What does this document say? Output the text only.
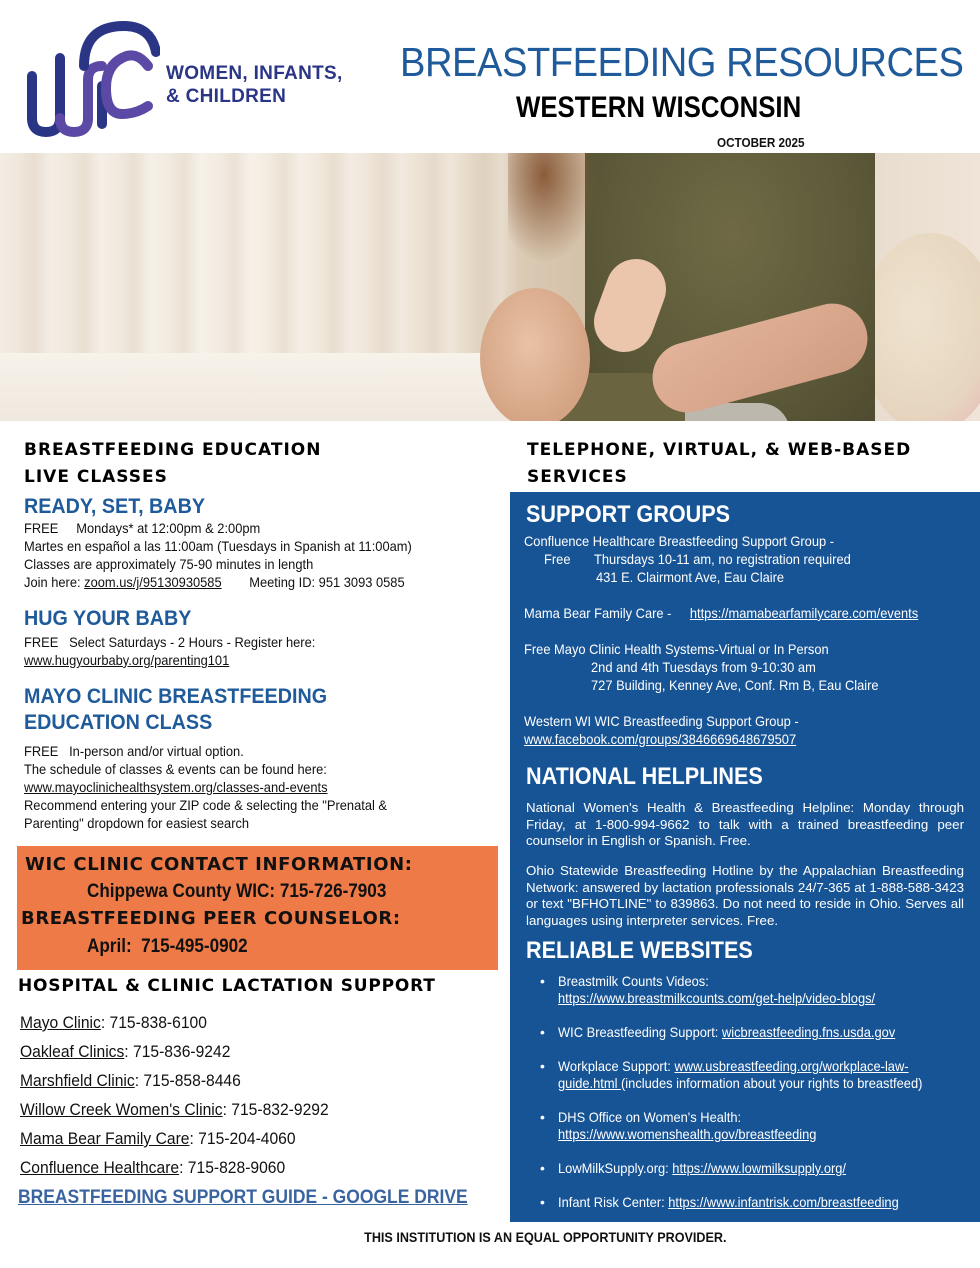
WOMEN, INFANTS,
& CHILDREN
BREASTFEEDING RESOURCES
WESTERN WISCONSIN
OCTOBER 2025
BREASTFEEDING EDUCATION
LIVE CLASSES
READY, SET, BABY
FREE     Mondays* at 12:00pm & 2:00pm
Martes en español a las 11:00am (Tuesdays in Spanish at 11:00am)
Classes are approximately 75-90 minutes in length
Join here: zoom.us/j/95130930585 Meeting ID: 951 3093 0585
HUG YOUR BABY
FREE   Select Saturdays - 2 Hours - Register here:
www.hugyourbaby.org/parenting101
MAYO CLINIC BREASTFEEDING
EDUCATION CLASS
FREE   In-person and/or virtual option.
The schedule of classes & events can be found here:
www.mayoclinichealthsystem.org/classes-and-events
Recommend entering your ZIP code & selecting the "Prenatal &
Parenting" dropdown for easiest search
WIC CLINIC CONTACT INFORMATION:
Chippewa County WIC: 715-726-7903
BREASTFEEDING PEER COUNSELOR:
April:  715-495-0902
HOSPITAL & CLINIC LACTATION SUPPORT
Mayo Clinic: 715-838-6100
Oakleaf Clinics: 715-836-9242
Marshfield Clinic: 715-858-8446
Willow Creek Women's Clinic: 715-832-9292
Mama Bear Family Care: 715-204-4060
Confluence Healthcare: 715-828-9060
BREASTFEEDING SUPPORT GUIDE - GOOGLE DRIVE
TELEPHONE, VIRTUAL, & WEB-BASED
SERVICES
SUPPORT GROUPS
Confluence Healthcare Breastfeeding Support Group -
Free Thursdays 10-11 am, no registration required
431 E. Clairmont Ave, Eau Claire
Mama Bear Family Care - https://mamabearfamilycare.com/events
Free Mayo Clinic Health Systems-Virtual or In Person
2nd and 4th Tuesdays from 9-10:30 am
727 Building, Kenney Ave, Conf. Rm B, Eau Claire
Western WI WIC Breastfeeding Support Group -
www.facebook.com/groups/3846669648679507
NATIONAL HELPLINES
National Women's Health & Breastfeeding Helpline: Monday through Friday, at 1-800-994-9662 to talk with a trained breastfeeding peer counselor in English or Spanish. Free.
Ohio Statewide Breastfeeding Hotline by the Appalachian Breastfeeding Network: answered by lactation professionals 24/7-365 at 1-888-588-3423 or text "BFHOTLINE" to 839863. Do not need to reside in Ohio. Serves all languages using interpreter services. Free.
RELIABLE WEBSITES
• Breastmilk Counts Videos:
https://www.breastmilkcounts.com/get-help/video-blogs/
• WIC Breastfeeding Support: wicbreastfeeding.fns.usda.gov
• Workplace Support: www.usbreastfeeding.org/workplace-law-
guide.html (includes information about your rights to breastfeed)
• DHS Office on Women's Health:
https://www.womenshealth.gov/breastfeeding
• LowMilkSupply.org: https://www.lowmilksupply.org/
• Infant Risk Center: https://www.infantrisk.com/breastfeeding
THIS INSTITUTION IS AN EQUAL OPPORTUNITY PROVIDER.
